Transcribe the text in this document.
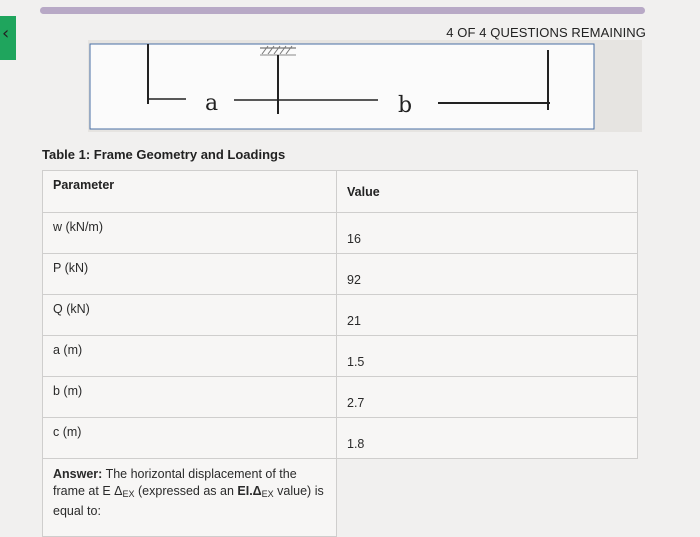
‹	4 OF 4 QUESTIONS REMAINING
a	b
Table 1: Frame Geometry and Loadings
Parameter	Value
w (kN/m)	16
P (kN)	92
Q (kN)	21
a (m)	1.5
b (m)	2.7
c (m)	1.8
Answer: The horizontal displacement of the frame at E $\Delta_{EX}$ (expressed as an $EI.\Delta_{EX}$ value) is equal to:	
